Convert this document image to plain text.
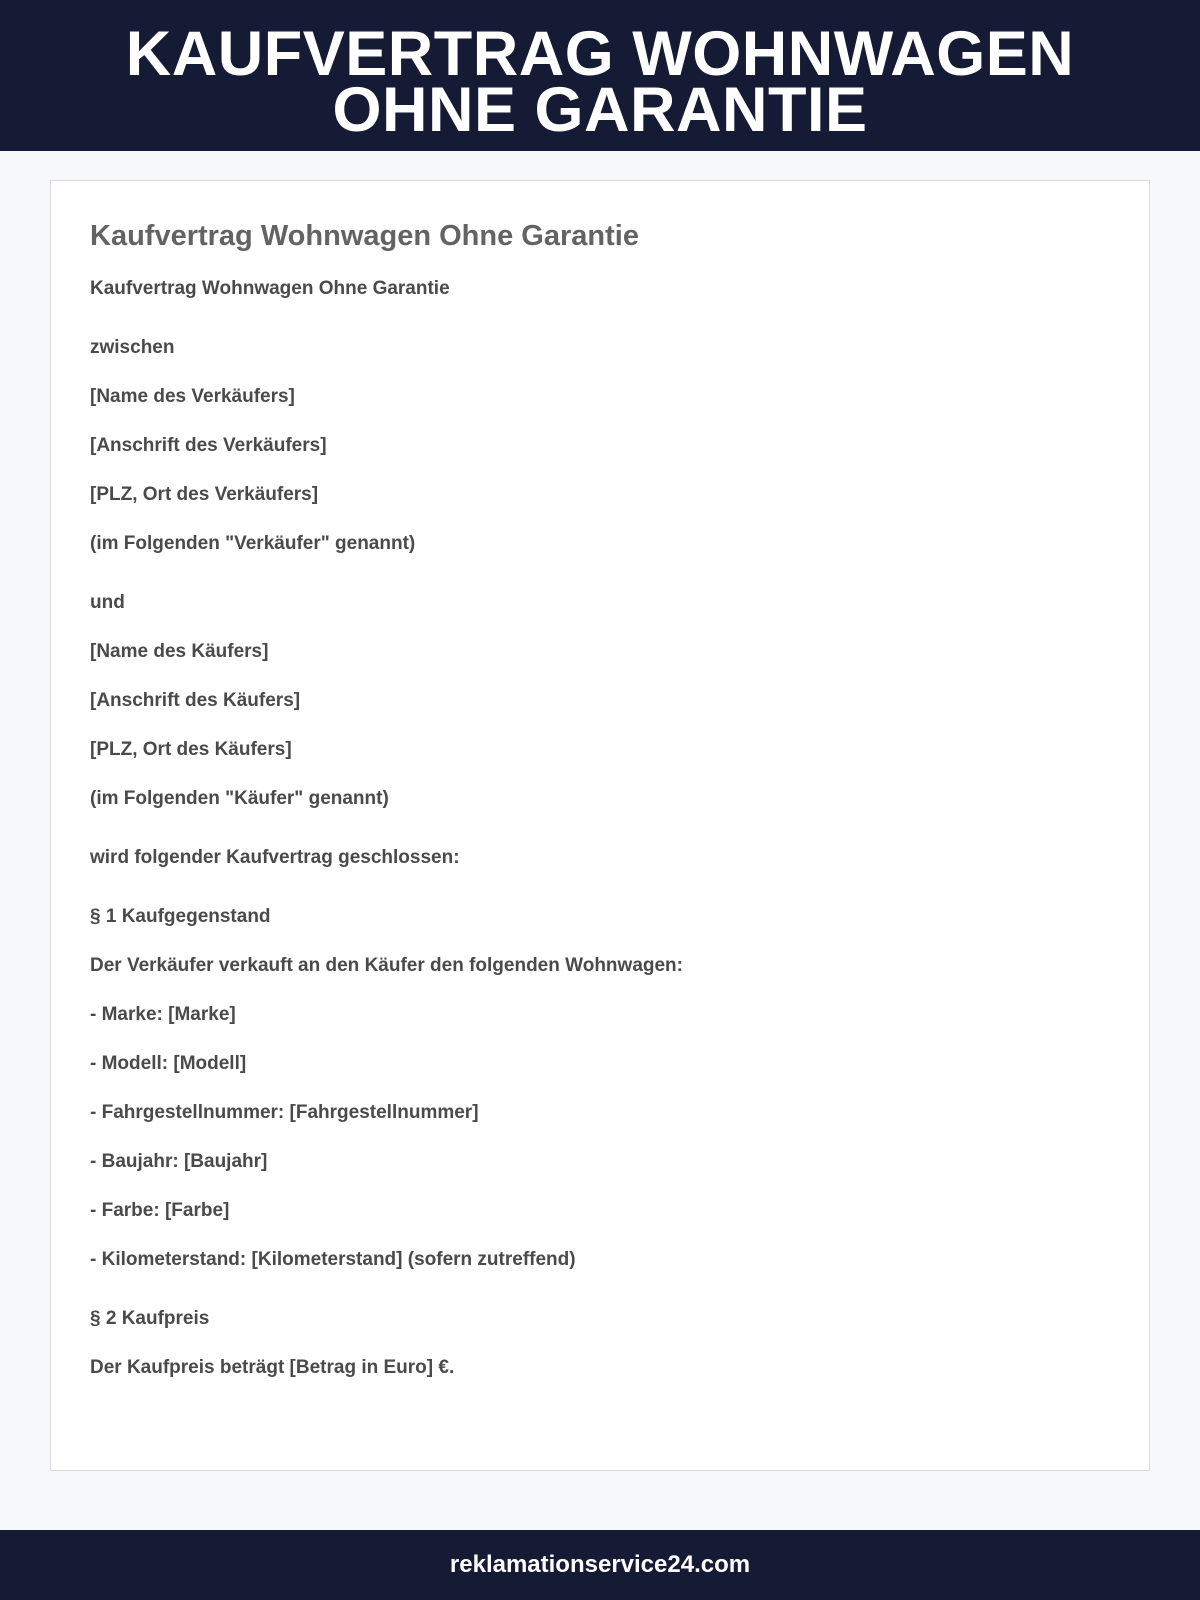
KAUFVERTRAG WOHNWAGEN
OHNE GARANTIE
Kaufvertrag Wohnwagen Ohne Garantie

Kaufvertrag Wohnwagen Ohne Garantie

zwischen

[Name des Verkäufers]

[Anschrift des Verkäufers]

[PLZ, Ort des Verkäufers]

(im Folgenden "Verkäufer" genannt)

und

[Name des Käufers]

[Anschrift des Käufers]

[PLZ, Ort des Käufers]

(im Folgenden "Käufer" genannt)

wird folgender Kaufvertrag geschlossen:

§ 1 Kaufgegenstand

Der Verkäufer verkauft an den Käufer den folgenden Wohnwagen:

- Marke: [Marke]

- Modell: [Modell]

- Fahrgestellnummer: [Fahrgestellnummer]

- Baujahr: [Baujahr]

- Farbe: [Farbe]

- Kilometerstand: [Kilometerstand] (sofern zutreffend)

§ 2 Kaufpreis

Der Kaufpreis beträgt [Betrag in Euro] €.

reklamationservice24.com
